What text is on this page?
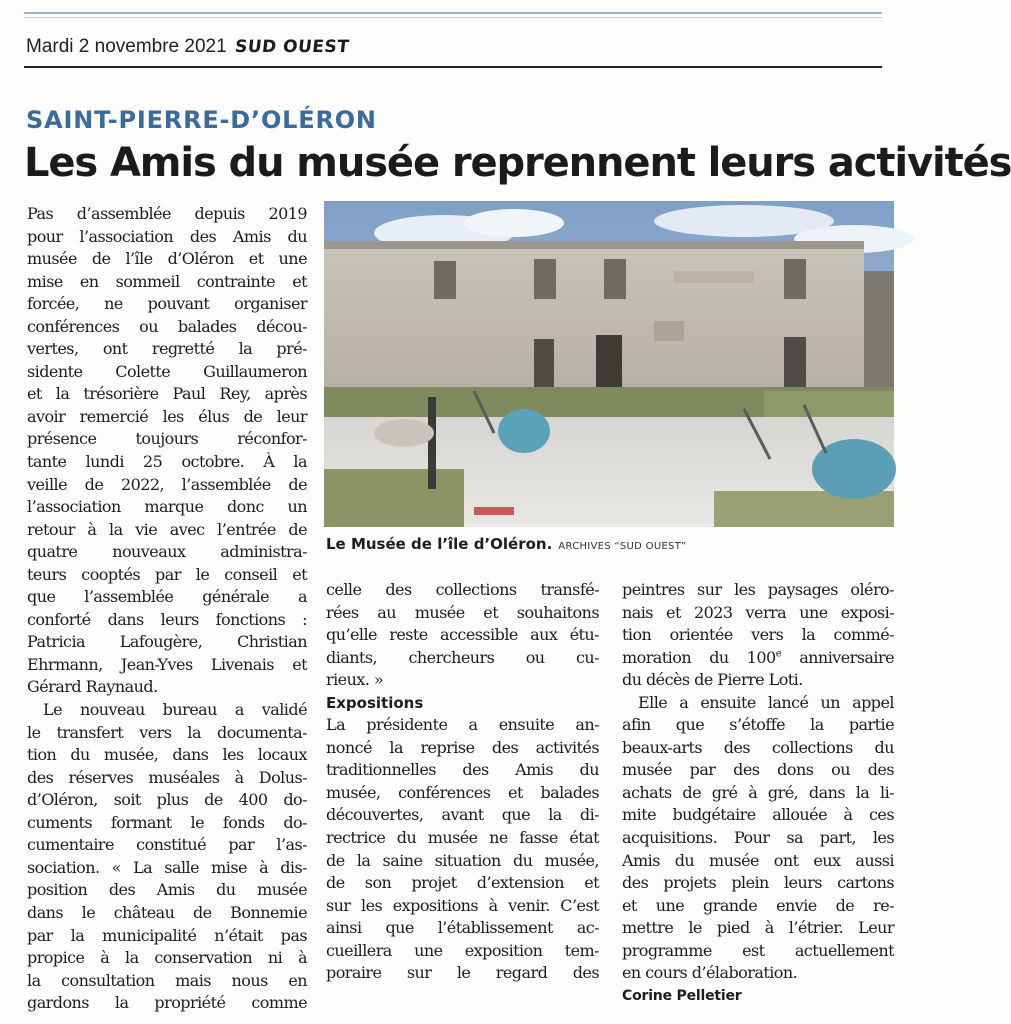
Mardi 2 novembre 2021 SUD OUEST
SAINT-PIERRE-D’OLÉRON
Les Amis du musée reprennent leurs activités

Pas d’assemblée depuis 2019

pour l’association des Amis du

musée de l’île d’Oléron et une

mise en sommeil contrainte et

forcée, ne pouvant organiser

conférences ou balades décou-

vertes, ont regretté la pré-

sidente Colette Guillaumeron

et la trésorière Paul Rey, après

avoir remercié les élus de leur

présence toujours réconfor-

tante lundi 25 octobre. À la

veille de 2022, l’assemblée de

l’association marque donc un

retour à la vie avec l’entrée de

quatre nouveaux administra-

teurs cooptés par le conseil et

que l’assemblée générale a

conforté dans leurs fonctions :

Patricia Lafougère, Christian

Ehrmann, Jean-Yves Livenais et

Gérard Raynaud.

Le nouveau bureau a validé

le transfert vers la documenta-

tion du musée, dans les locaux

des réserves muséales à Dolus-

d’Oléron, soit plus de 400 do-

cuments formant le fonds do-

cumentaire constitué par l’as-

sociation. « La salle mise à dis-

position des Amis du musée

dans le château de Bonnemie

par la municipalité n’était pas

propice à la conservation ni à

la consultation mais nous en

gardons la propriété comme

Le Musée de l’île d’Oléron. ARCHIVES “SUD OUEST”

celle des collections transfé-

rées au musée et souhaitons

qu’elle reste accessible aux étu-

diants, chercheurs ou cu-

rieux. »

Expositions

La présidente a ensuite an-

noncé la reprise des activités

traditionnelles des Amis du

musée, conférences et balades

découvertes, avant que la di-

rectrice du musée ne fasse état

de la saine situation du musée,

de son projet d’extension et

sur les expositions à venir. C’est

ainsi que l’établissement ac-

cueillera une exposition tem-

poraire sur le regard des

peintres sur les paysages oléro-

nais et 2023 verra une exposi-

tion orientée vers la commé-

moration du 100e anniversaire

du décès de Pierre Loti.

Elle a ensuite lancé un appel

afin que s’étoffe la partie

beaux-arts des collections du

musée par des dons ou des

achats de gré à gré, dans la li-

mite budgétaire allouée à ces

acquisitions. Pour sa part, les

Amis du musée ont eux aussi

des projets plein leurs cartons

et une grande envie de re-

mettre le pied à l’étrier. Leur

programme est actuellement

en cours d’élaboration.

Corine Pelletier
